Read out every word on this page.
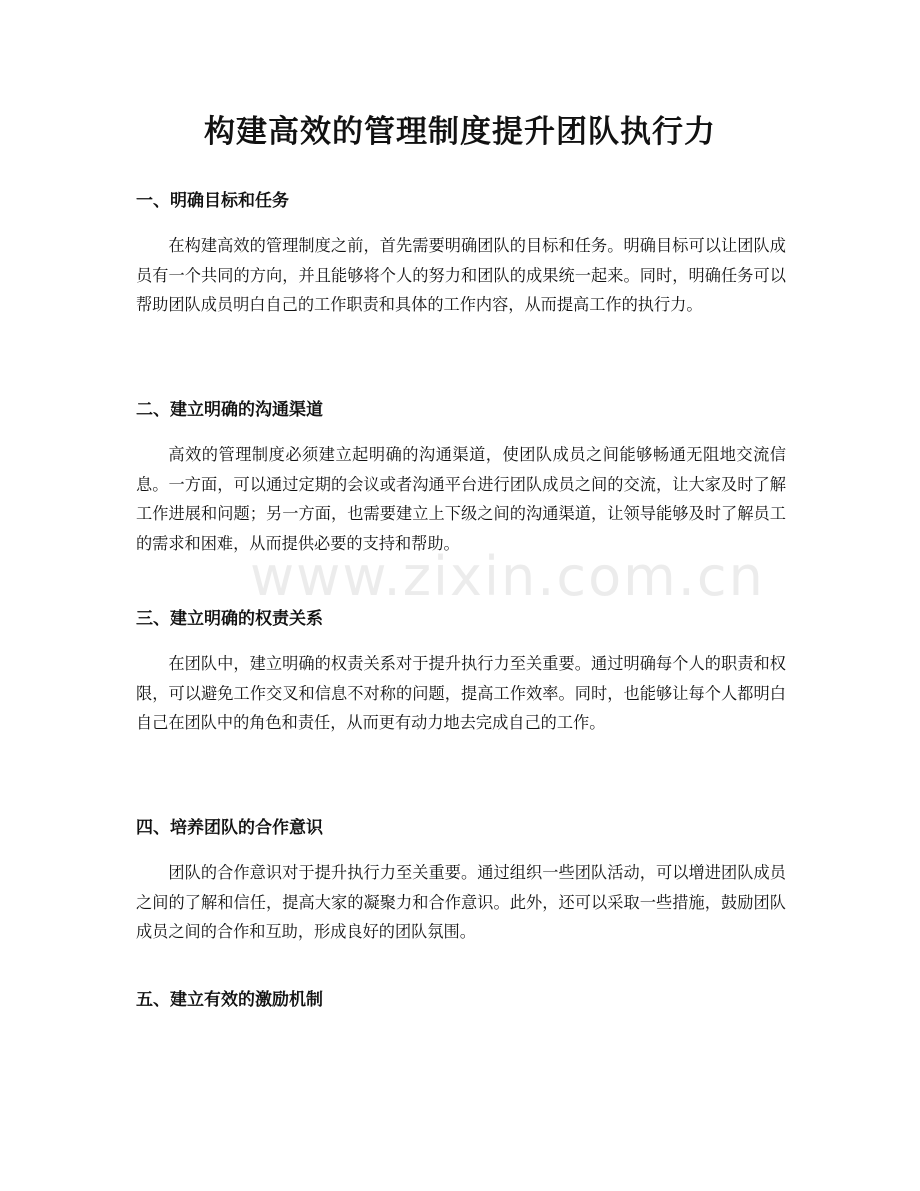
构建高效的管理制度提升团队执行力
一、明确目标和任务

在构建高效的管理制度之前，首先需要明确团队的目标和任务。明确目标可以让团队成员有一个共同的方向，并且能够将个人的努力和团队的成果统一起来。同时，明确任务可以帮助团队成员明白自己的工作职责和具体的工作内容，从而提高工作的执行力。

二、建立明确的沟通渠道

高效的管理制度必须建立起明确的沟通渠道，使团队成员之间能够畅通无阻地交流信息。一方面，可以通过定期的会议或者沟通平台进行团队成员之间的交流，让大家及时了解工作进展和问题；另一方面，也需要建立上下级之间的沟通渠道，让领导能够及时了解员工的需求和困难，从而提供必要的支持和帮助。

三、建立明确的权责关系

在团队中，建立明确的权责关系对于提升执行力至关重要。通过明确每个人的职责和权限，可以避免工作交叉和信息不对称的问题，提高工作效率。同时，也能够让每个人都明白自己在团队中的角色和责任，从而更有动力地去完成自己的工作。

四、培养团队的合作意识

团队的合作意识对于提升执行力至关重要。通过组织一些团队活动，可以增进团队成员之间的了解和信任，提高大家的凝聚力和合作意识。此外，还可以采取一些措施，鼓励团队成员之间的合作和互助，形成良好的团队氛围。

五、建立有效的激励机制
www.zixin.com.cn
